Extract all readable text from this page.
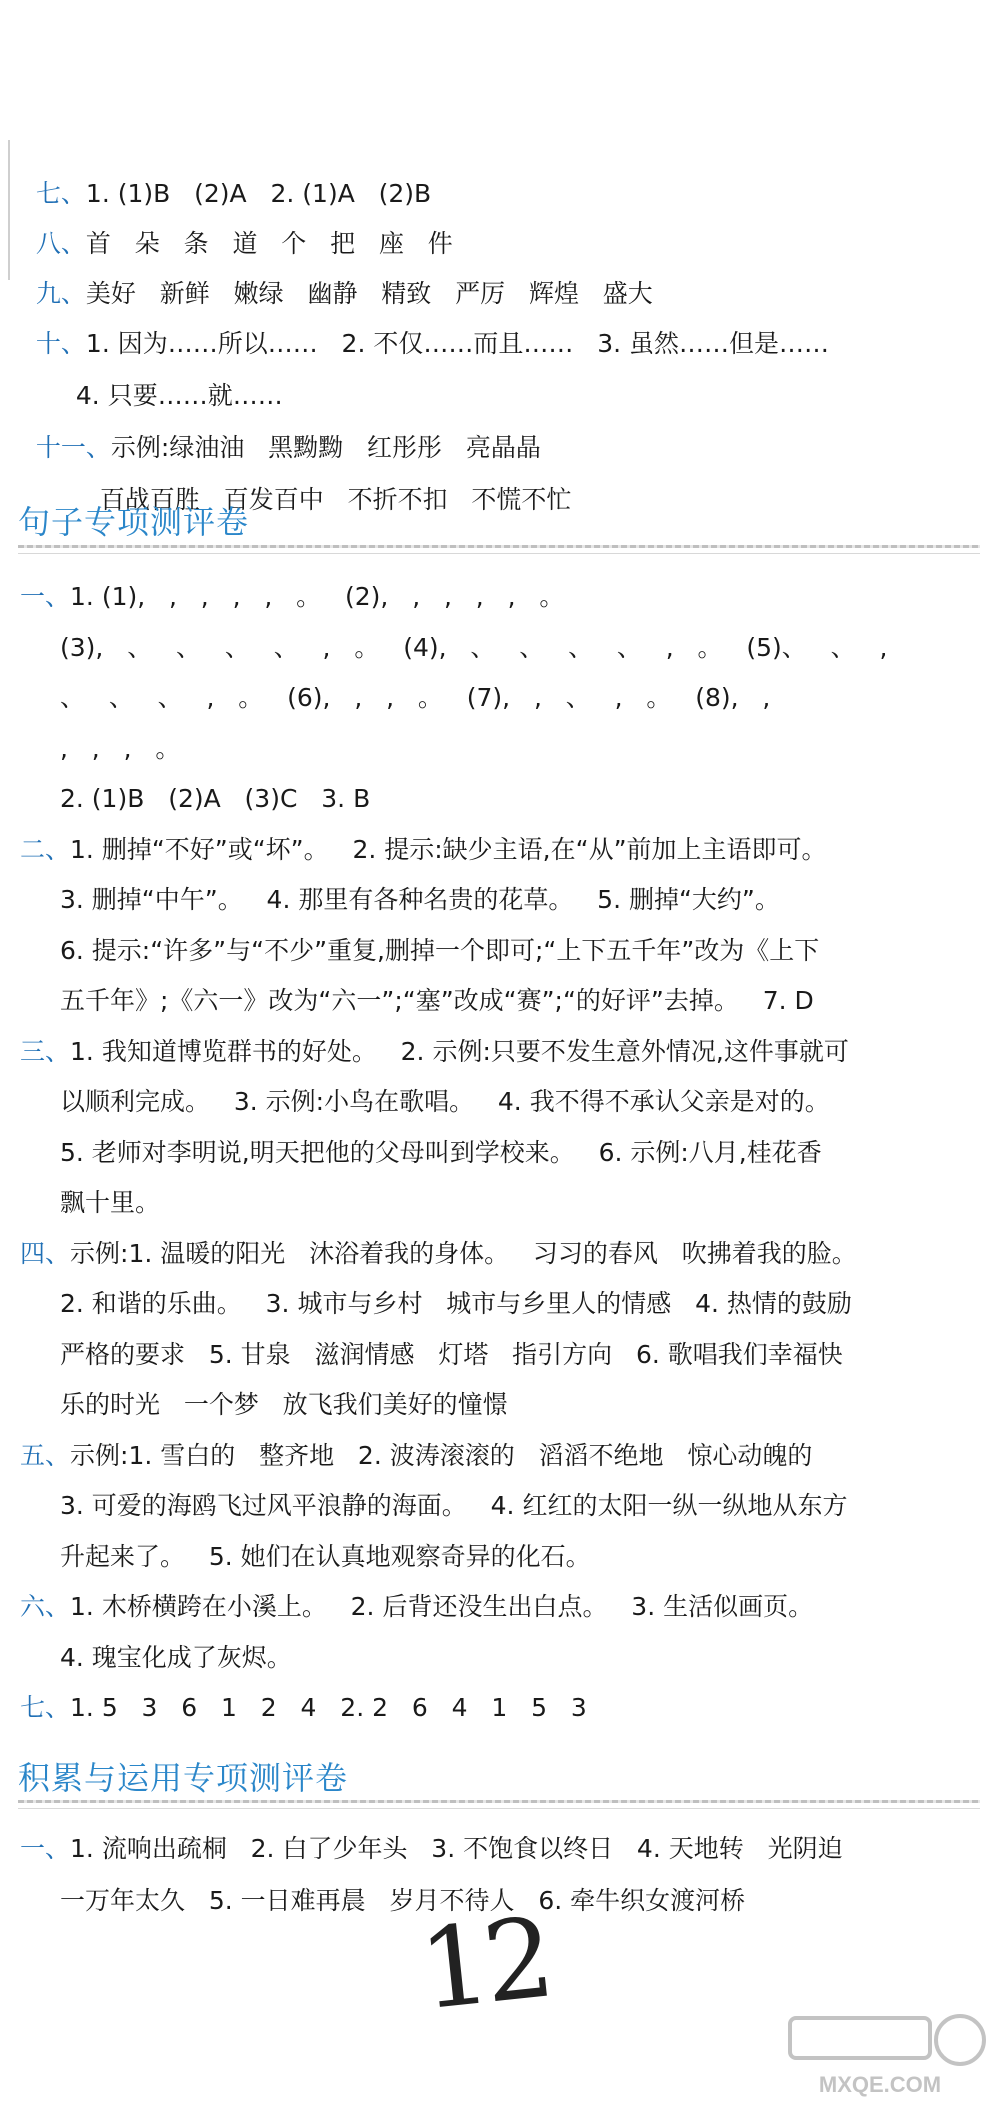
七、1. (1)B   (2)A   2. (1)A   (2)B

八、首   朵   条   道   个   把   座   件

九、美好   新鲜   嫩绿   幽静   精致   严厉   辉煌   盛大

十、1. 因为……所以……   2. 不仅……而且……   3. 虽然……但是……

4. 只要……就……

十一、示例:绿油油   黑黝黝   红彤彤   亮晶晶

百战百胜   百发百中   不折不扣   不慌不忙

句子专项测评卷
一、1. (1),   ,   ,   ,   ,   。   (2),   ,   ,   ,   ,   。
(3),   、   、   、   、   ,   。   (4),   、   、   、   、   ,   。   (5)、   、   ,
、   、   、   ,   。   (6),   ,   ,   。   (7),   ,   、   ,   。   (8),   ,
,   ,   ,   。
2. (1)B   (2)A   (3)C   3. B
二、1. 删掉“不好”或“坏”。   2. 提示:缺少主语,在“从”前加上主语即可。
3. 删掉“中午”。   4. 那里有各种名贵的花草。   5. 删掉“大约”。
6. 提示:“许多”与“不少”重复,删掉一个即可;“上下五千年”改为《上下
五千年》;《六一》改为“六一”;“塞”改成“赛”;“的好评”去掉。   7. D
三、1. 我知道博览群书的好处。   2. 示例:只要不发生意外情况,这件事就可
以顺利完成。   3. 示例:小鸟在歌唱。   4. 我不得不承认父亲是对的。
5. 老师对李明说,明天把他的父母叫到学校来。   6. 示例:八月,桂花香
飘十里。
四、示例:1. 温暖的阳光   沐浴着我的身体。   习习的春风   吹拂着我的脸。
2. 和谐的乐曲。   3. 城市与乡村   城市与乡里人的情感   4. 热情的鼓励
严格的要求   5. 甘泉   滋润情感   灯塔   指引方向   6. 歌唱我们幸福快
乐的时光   一个梦   放飞我们美好的憧憬
五、示例:1. 雪白的   整齐地   2. 波涛滚滚的   滔滔不绝地   惊心动魄的
3. 可爱的海鸥飞过风平浪静的海面。   4. 红红的太阳一纵一纵地从东方
升起来了。   5. 她们在认真地观察奇异的化石。
六、1. 木桥横跨在小溪上。   2. 后背还没生出白点。   3. 生活似画页。
4. 瑰宝化成了灰烬。
七、1. 5   3   6   1   2   4   2. 2   6   4   1   5   3
积累与运用专项测评卷
一、1. 流响出疏桐   2. 白了少年头   3. 不饱食以终日   4. 天地转   光阴迫
一万年太久   5. 一日难再晨   岁月不待人   6. 牵牛织女渡河桥
12
MXQE.COM
